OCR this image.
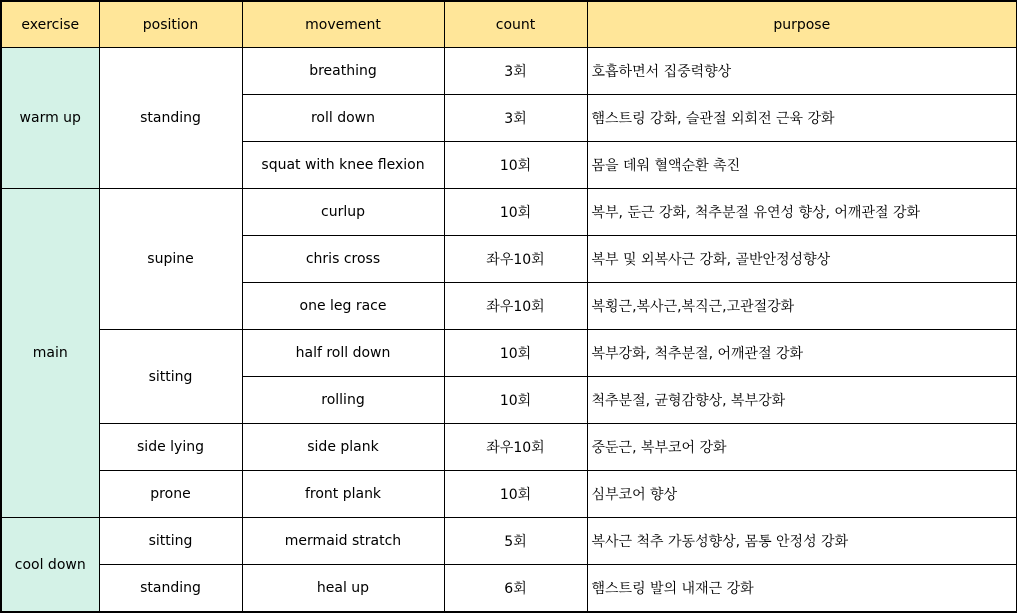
exercise	position	movement	count	purpose
warm up	standing	breathing	3회	호흡하면서 집중력향상
		roll down	3회	햄스트링 강화, 슬관절 외회전 근육 강화
		squat with knee flexion	10회	몸을 데워 혈액순환 촉진
main	supine	curlup	10회	복부, 둔근 강화, 척추분절 유연성 향상, 어깨관절 강화
		chris cross	좌우10회	복부 및 외복사근 강화, 골반안정성향상
		one leg race	좌우10회	복횡근,복사근,복직근,고관절강화
	sitting	half roll down	10회	복부강화, 척추분절, 어깨관절 강화
		rolling	10회	척추분절, 균형감향상, 복부강화
	side lying	side plank	좌우10회	중둔근, 복부코어 강화
	prone	front plank	10회	심부코어 향상
cool down	sitting	mermaid stratch	5회	복사근 척추 가동성향상, 몸통 안정성 강화
	standing	heal up	6회	햄스트링 발의 내재근 강화
